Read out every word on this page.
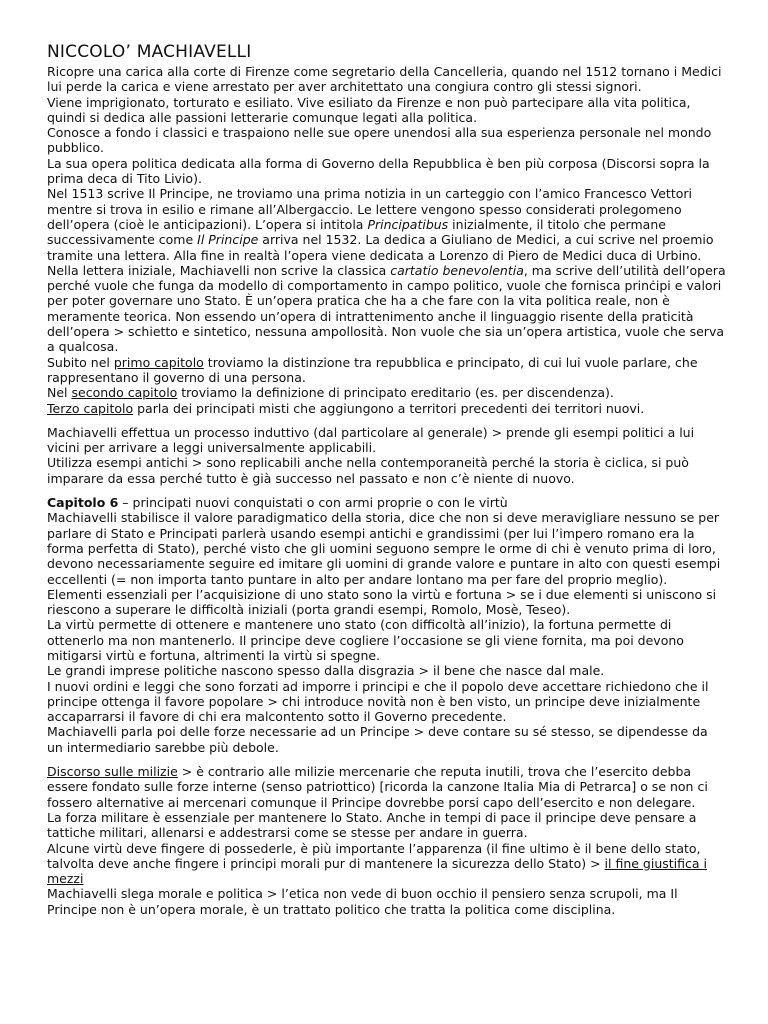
NICCOLO’ MACHIAVELLI

Ricopre una carica alla corte di Firenze come segretario della Cancelleria, quando nel 1512 tornano i Medici lui perde la carica e viene arrestato per aver architettato una congiura contro gli stessi signori.

Viene imprigionato, torturato e esiliato. Vive esiliato da Firenze e non può partecipare alla vita politica, quindi si dedica alle passioni letterarie comunque legati alla politica.

Conosce a fondo i classici e traspaiono nelle sue opere unendosi alla sua esperienza personale nel mondo pubblico.

La sua opera politica dedicata alla forma di Governo della Repubblica è ben più corposa (Discorsi sopra la prima deca di Tito Livio).

Nel 1513 scrive Il Principe, ne troviamo una prima notizia in un carteggio con l’amico Francesco Vettori mentre si trova in esilio e rimane all’Albergaccio. Le lettere vengono spesso considerati prolegomeno dell’opera (cioè le anticipazioni). L’opera si intitola Principatibus inizialmente, il titolo che permane successivamente come Il Principe arriva nel 1532. La dedica a Giuliano de Medici, a cui scrive nel proemio tramite una lettera. Alla fine in realtà l’opera viene dedicata a Lorenzo di Piero de Medici duca di Urbino. Nella lettera iniziale, Machiavelli non scrive la classica cartatio benevolentia, ma scrive dell’utilità dell’opera perché vuole che funga da modello di comportamento in campo politico, vuole che fornisca prinċipi e valori per poter governare uno Stato. È un’opera pratica che ha a che fare con la vita politica reale, non è meramente teorica. Non essendo un’opera di intrattenimento anche il linguaggio risente della praticità dell’opera > schietto e sintetico, nessuna ampollosità. Non vuole che sia un’opera artistica, vuole che serva a qualcosa.

Subito nel primo capitolo troviamo la distinzione tra repubblica e principato, di cui lui vuole parlare, che rappresentano il governo di una persona.

Nel secondo capitolo troviamo la definizione di principato ereditario (es. per discendenza).

Terzo capitolo parla dei principati misti che aggiungono a territori precedenti dei territori nuovi.

Machiavelli effettua un processo induttivo (dal particolare al generale) > prende gli esempi politici a lui vicini per arrivare a leggi universalmente applicabili.

Utilizza esempi antichi > sono replicabili anche nella contemporaneità perché la storia è ciclica, si può imparare da essa perché tutto è già successo nel passato e non c’è niente di nuovo.

Capitolo 6 – principati nuovi conquistati o con armi proprie o con le virtù

Machiavelli stabilisce il valore paradigmatico della storia, dice che non si deve meravigliare nessuno se per parlare di Stato e Principati parlerà usando esempi antichi e grandissimi (per lui l’impero romano era la forma perfetta di Stato), perché visto che gli uomini seguono sempre le orme di chi è venuto prima di loro, devono necessariamente seguire ed imitare gli uomini di grande valore e puntare in alto con questi esempi eccellenti (= non importa tanto puntare in alto per andare lontano ma per fare del proprio meglio).

Elementi essenziali per l’acquisizione di uno stato sono la virtù e fortuna > se i due elementi si uniscono si riescono a superare le difficoltà iniziali (porta grandi esempi, Romolo, Mosè, Teseo).

La virtù permette di ottenere e mantenere uno stato (con difficoltà all’inizio), la fortuna permette di ottenerlo ma non mantenerlo. Il principe deve cogliere l’occasione se gli viene fornita, ma poi devono mitigarsi virtù e fortuna, altrimenti la virtù si spegne.

Le grandi imprese politiche nascono spesso dalla disgrazia > il bene che nasce dal male.

I nuovi ordini e leggi che sono forzati ad imporre i principi e che il popolo deve accettare richiedono che il principe ottenga il favore popolare > chi introduce novità non è ben visto, un principe deve inizialmente accaparrarsi il favore di chi era malcontento sotto il Governo precedente.

Machiavelli parla poi delle forze necessarie ad un Principe > deve contare su sé stesso, se dipendesse da un intermediario sarebbe più debole.

Discorso sulle milizie > è contrario alle milizie mercenarie che reputa inutili, trova che l’esercito debba essere fondato sulle forze interne (senso patriottico) [ricorda la canzone Italia Mia di Petrarca] o se non ci fossero alternative ai mercenari comunque il Principe dovrebbe porsi capo dell’esercito e non delegare.

La forza militare è essenziale per mantenere lo Stato. Anche in tempi di pace il principe deve pensare a tattiche militari, allenarsi e addestrarsi come se stesse per andare in guerra.

Alcune virtù deve fingere di possederle, è più importante l’apparenza (il fine ultimo è il bene dello stato, talvolta deve anche fingere i principi morali pur di mantenere la sicurezza dello Stato) > il fine giustifica i mezzi

Machiavelli slega morale e politica > l’etica non vede di buon occhio il pensiero senza scrupoli, ma Il Principe non è un’opera morale, è un trattato politico che tratta la politica come disciplina.
